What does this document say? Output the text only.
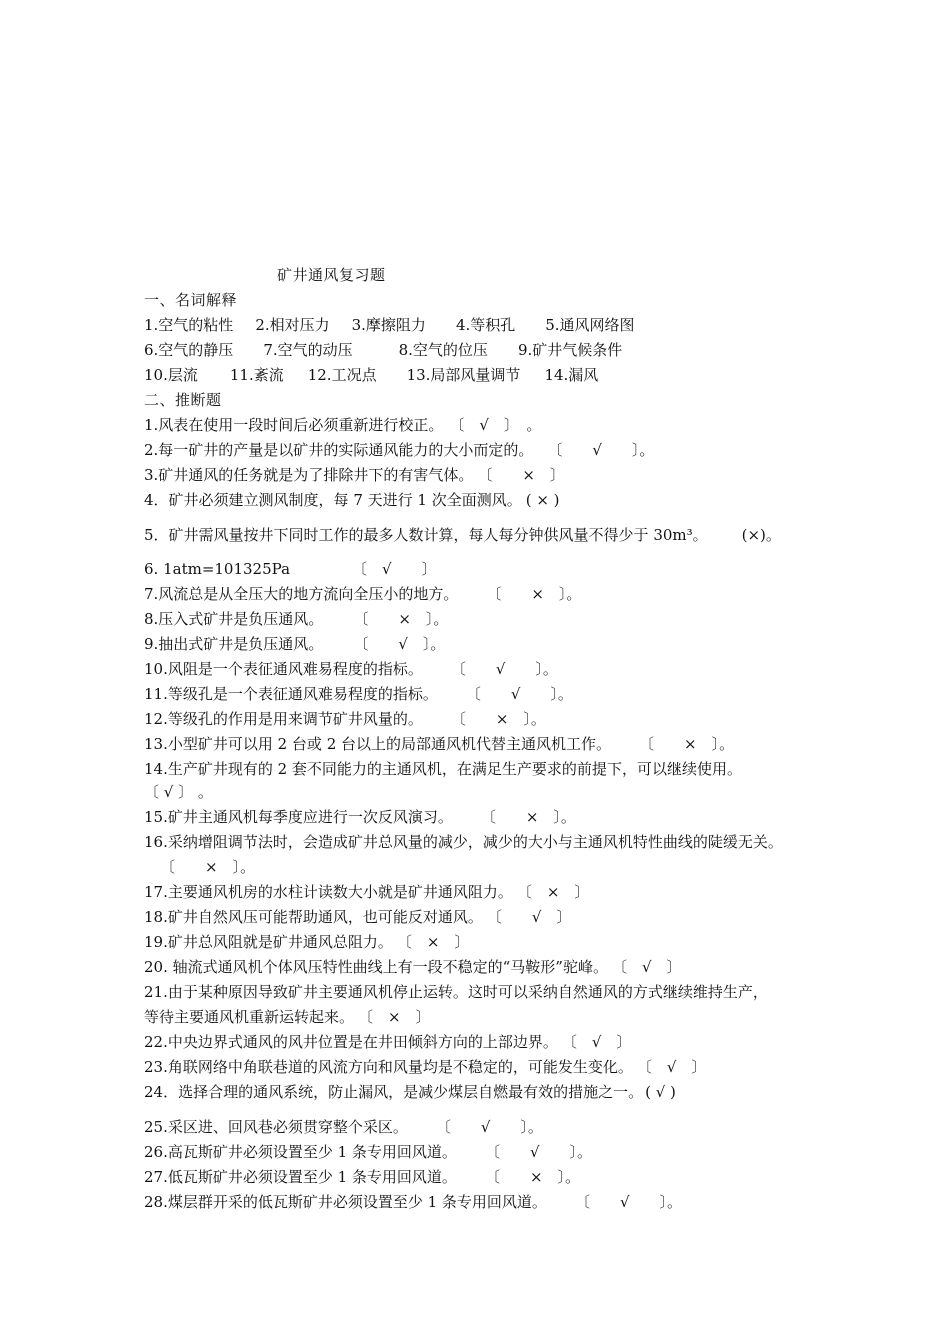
矿井通风复习题
一、名词解释
1.空气的粘性 2.相对压力 3.摩擦阻力 4.等积孔 5.通风网络图
6.空气的静压 7.空气的动压	8.空气的位压 9.矿井气候条件
10.层流 11.紊流 12.工况点 13.局部风量调节 14.漏风
二、推断题
1.风表在使用一段时间后必须重新进行校正。 〔　√　〕　。
2.每一矿井的产量是以矿井的实际通风能力的大小而定的。 〔　　√　　〕。
3.矿井通风的任务就是为了排除井下的有害气体。 〔　　×　〕
4．矿井必须建立测风制度，每 7 天进行 1 次全面测风。 ( × )
5．矿井需风量按井下同时工作的最多人数计算，每人每分钟供风量不得少于 30m³。 (×)。
6. 1atm=101325Pa	〔　√　　〕
7.风流总是从全压大的地方流向全压小的地方。 〔　　×　〕。
8.压入式矿井是负压通风。 〔　　×　〕。
9.抽出式矿井是负压通风。 〔　　√　〕。
10.风阻是一个表征通风难易程度的指标。 〔　　√　　〕。
11.等级孔是一个表征通风难易程度的指标。 〔　　√　　〕。
12.等级孔的作用是用来调节矿井风量的。 〔　　×　〕。
13.小型矿井可以用 2 台或 2 台以上的局部通风机代替主通风机工作。 〔　　×　〕。
14.生产矿井现有的 2 套不同能力的主通风机，在满足生产要求的前提下，可以继续使用。
〔 √ 〕 。
15.矿井主通风机每季度应进行一次反风演习。 〔　　×　〕。
16.采纳增阻调节法时，会造成矿井总风量的减少，减少的大小与主通风机特性曲线的陡缓无关。
〔　　×　〕。
17.主要通风机房的水柱计读数大小就是矿井通风阻力。 〔　×　〕
18.矿井自然风压可能帮助通风，也可能反对通风。 〔　　√　〕
19.矿井总风阻就是矿井通风总阻力。 〔　×　〕
20. 轴流式通风机个体风压特性曲线上有一段不稳定的“马鞍形”驼峰。 〔　√　〕
21.由于某种原因导致矿井主要通风机停止运转。这时可以采纳自然通风的方式继续维持生产，
等待主要通风机重新运转起来。 〔　×　〕
22.中央边界式通风的风井位置是在井田倾斜方向的上部边界。 〔　√　〕
23.角联网络中角联巷道的风流方向和风量均是不稳定的，可能发生变化。 〔　√　〕
24．选择合理的通风系统，防止漏风，是减少煤层自燃最有效的措施之一。 ( √ )
25.采区进、回风巷必须贯穿整个采区。 〔　　√　　〕。
26.高瓦斯矿井必须设置至少 1 条专用回风道。 〔　　√　　〕。
27.低瓦斯矿井必须设置至少 1 条专用回风道。 〔　　×　〕。
28.煤层群开采的低瓦斯矿井必须设置至少 1 条专用回风道。 〔　　√　　〕。
